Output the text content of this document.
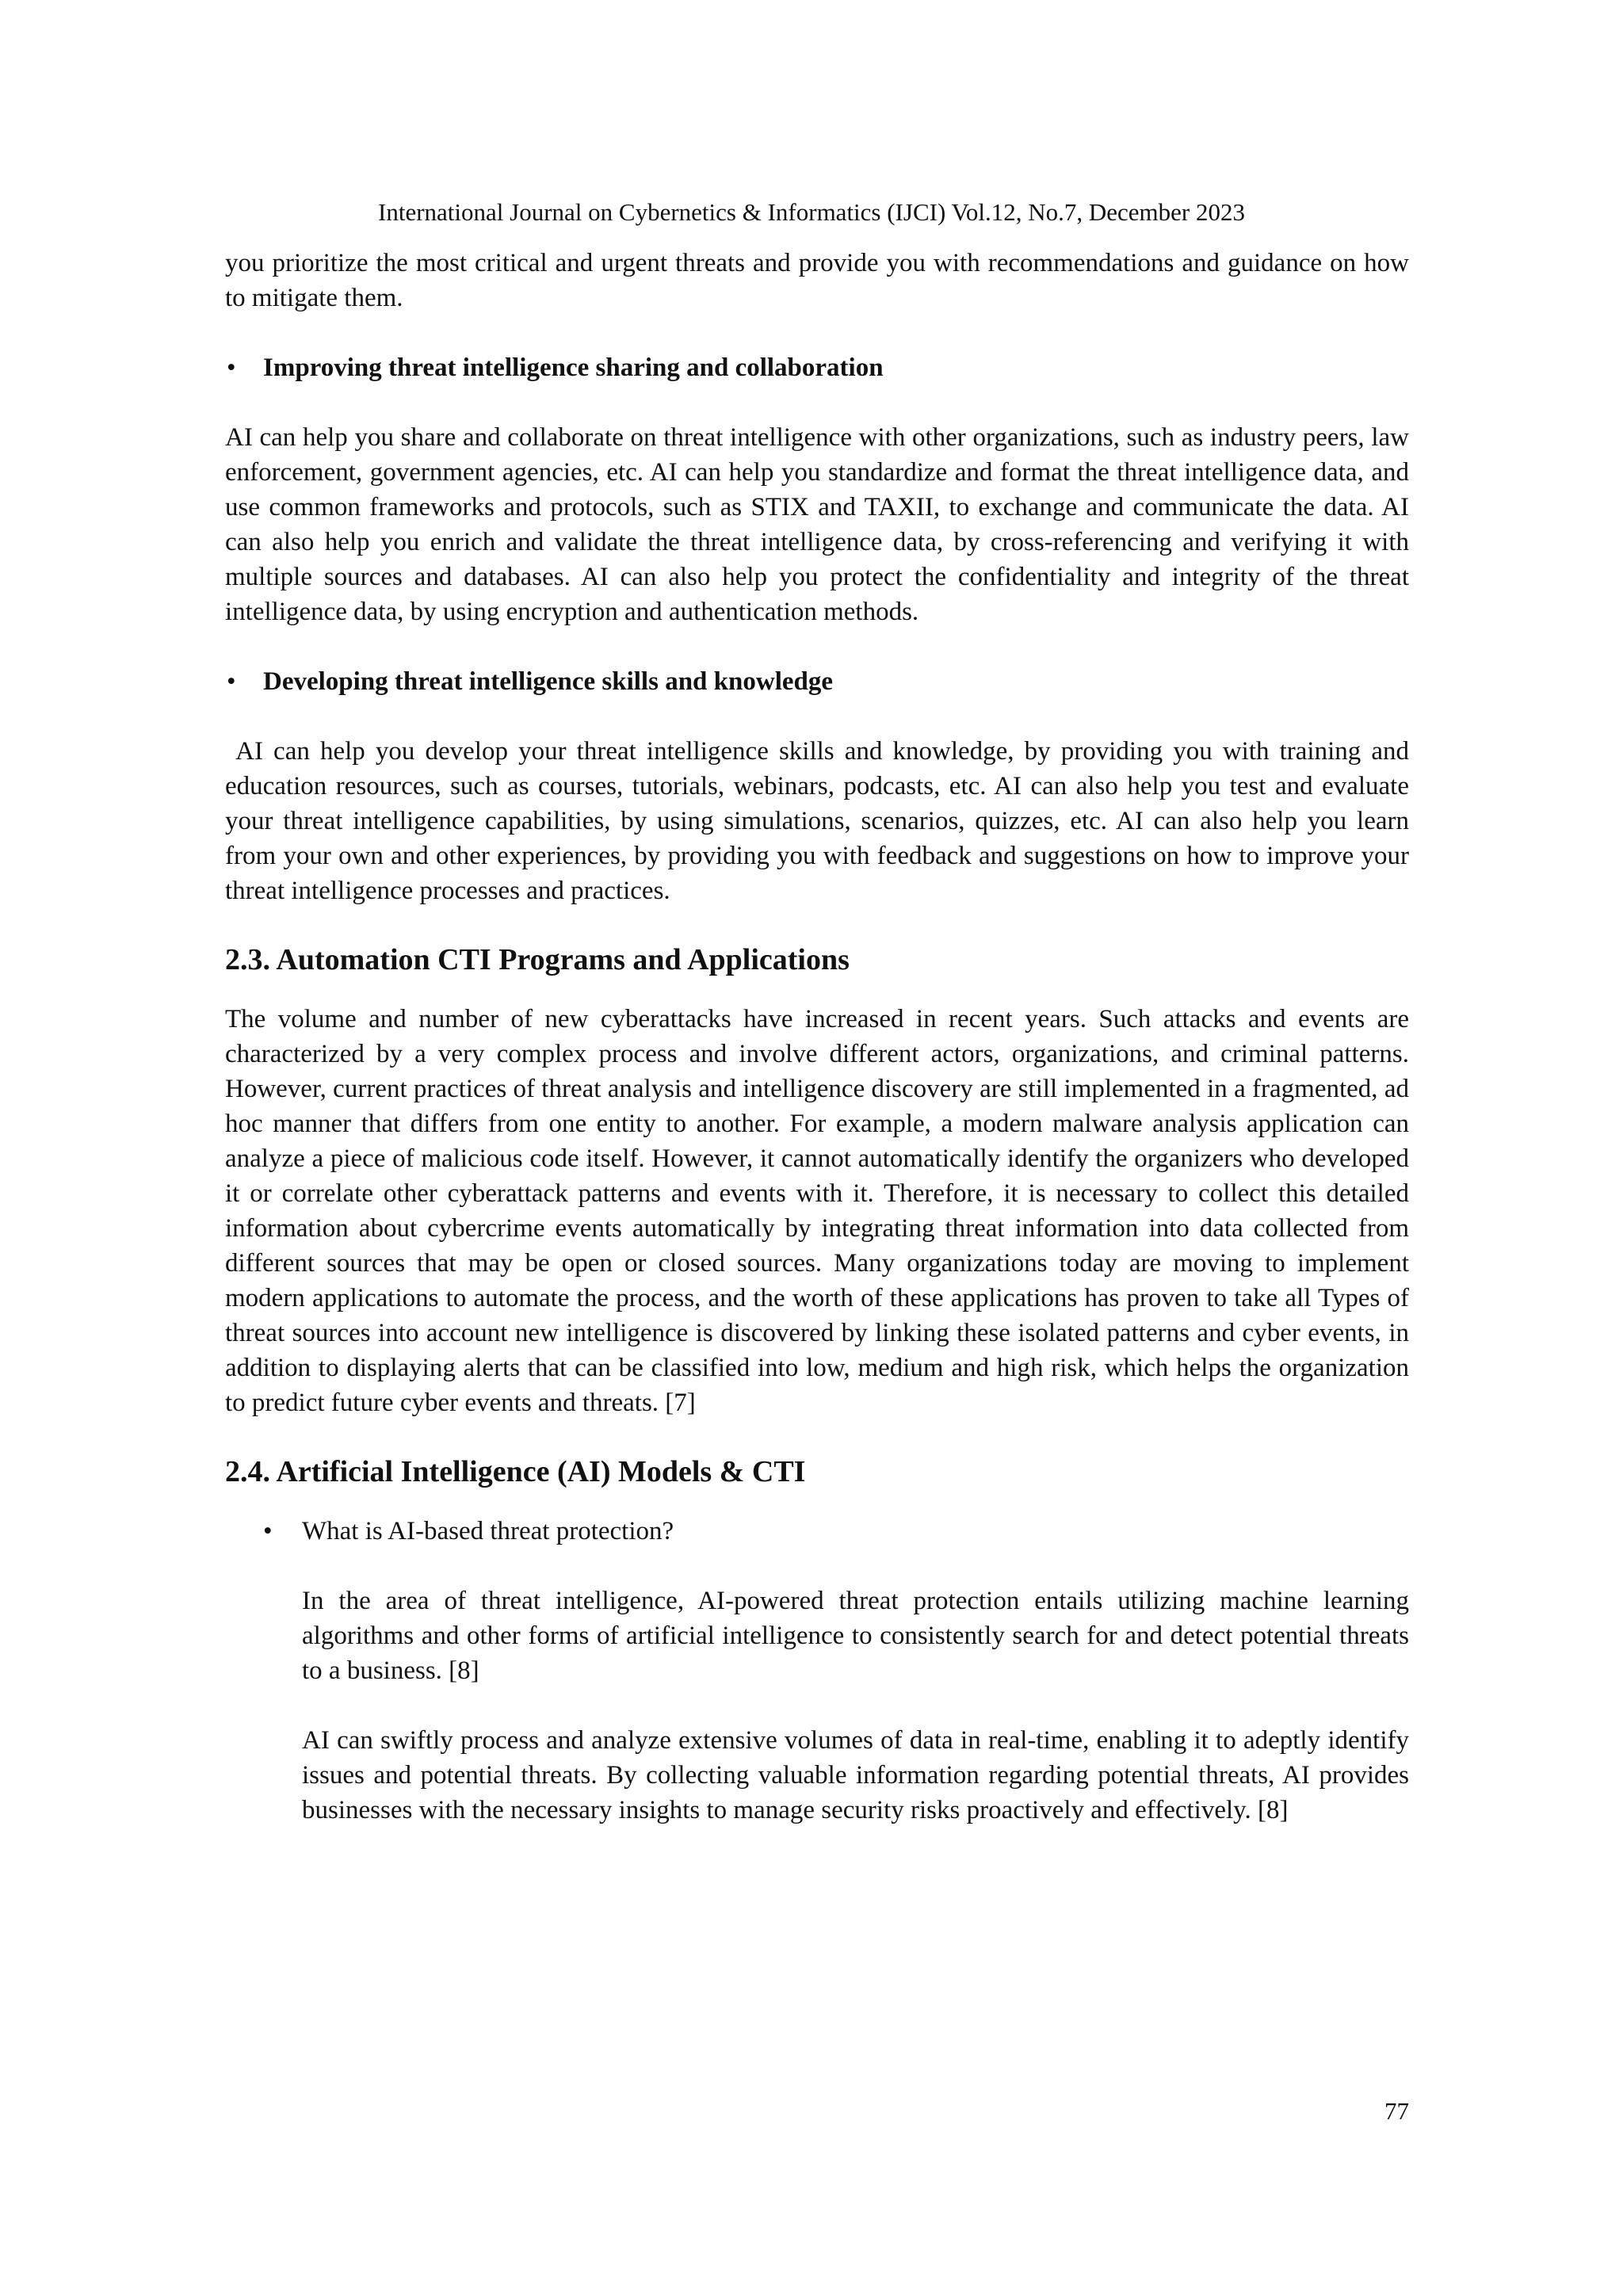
International Journal on Cybernetics & Informatics (IJCI) Vol.12, No.7, December 2023

you prioritize the most critical and urgent threats and provide you with recommendations and guidance on how to mitigate them.

• Improving threat intelligence sharing and collaboration

AI can help you share and collaborate on threat intelligence with other organizations, such as industry peers, law enforcement, government agencies, etc. AI can help you standardize and format the threat intelligence data, and use common frameworks and protocols, such as STIX and TAXII, to exchange and communicate the data. AI can also help you enrich and validate the threat intelligence data, by cross-referencing and verifying it with multiple sources and databases. AI can also help you protect the confidentiality and integrity of the threat intelligence data, by using encryption and authentication methods.

• Developing threat intelligence skills and knowledge

AI can help you develop your threat intelligence skills and knowledge, by providing you with training and education resources, such as courses, tutorials, webinars, podcasts, etc. AI can also help you test and evaluate your threat intelligence capabilities, by using simulations, scenarios, quizzes, etc. AI can also help you learn from your own and other experiences, by providing you with feedback and suggestions on how to improve your threat intelligence processes and practices.

2.3. Automation CTI Programs and Applications

The volume and number of new cyberattacks have increased in recent years. Such attacks and events are characterized by a very complex process and involve different actors, organizations, and criminal patterns. However, current practices of threat analysis and intelligence discovery are still implemented in a fragmented, ad hoc manner that differs from one entity to another. For example, a modern malware analysis application can analyze a piece of malicious code itself. However, it cannot automatically identify the organizers who developed it or correlate other cyberattack patterns and events with it. Therefore, it is necessary to collect this detailed information about cybercrime events automatically by integrating threat information into data collected from different sources that may be open or closed sources. Many organizations today are moving to implement modern applications to automate the process, and the worth of these applications has proven to take all Types of threat sources into account new intelligence is discovered by linking these isolated patterns and cyber events, in addition to displaying alerts that can be classified into low, medium and high risk, which helps the organization to predict future cyber events and threats. [7]

2.4. Artificial Intelligence (AI) Models & CTI
• What is AI-based threat protection?

In the area of threat intelligence, AI-powered threat protection entails utilizing machine learning algorithms and other forms of artificial intelligence to consistently search for and detect potential threats to a business. [8]

AI can swiftly process and analyze extensive volumes of data in real-time, enabling it to adeptly identify issues and potential threats. By collecting valuable information regarding potential threats, AI provides businesses with the necessary insights to manage security risks proactively and effectively. [8]

77
